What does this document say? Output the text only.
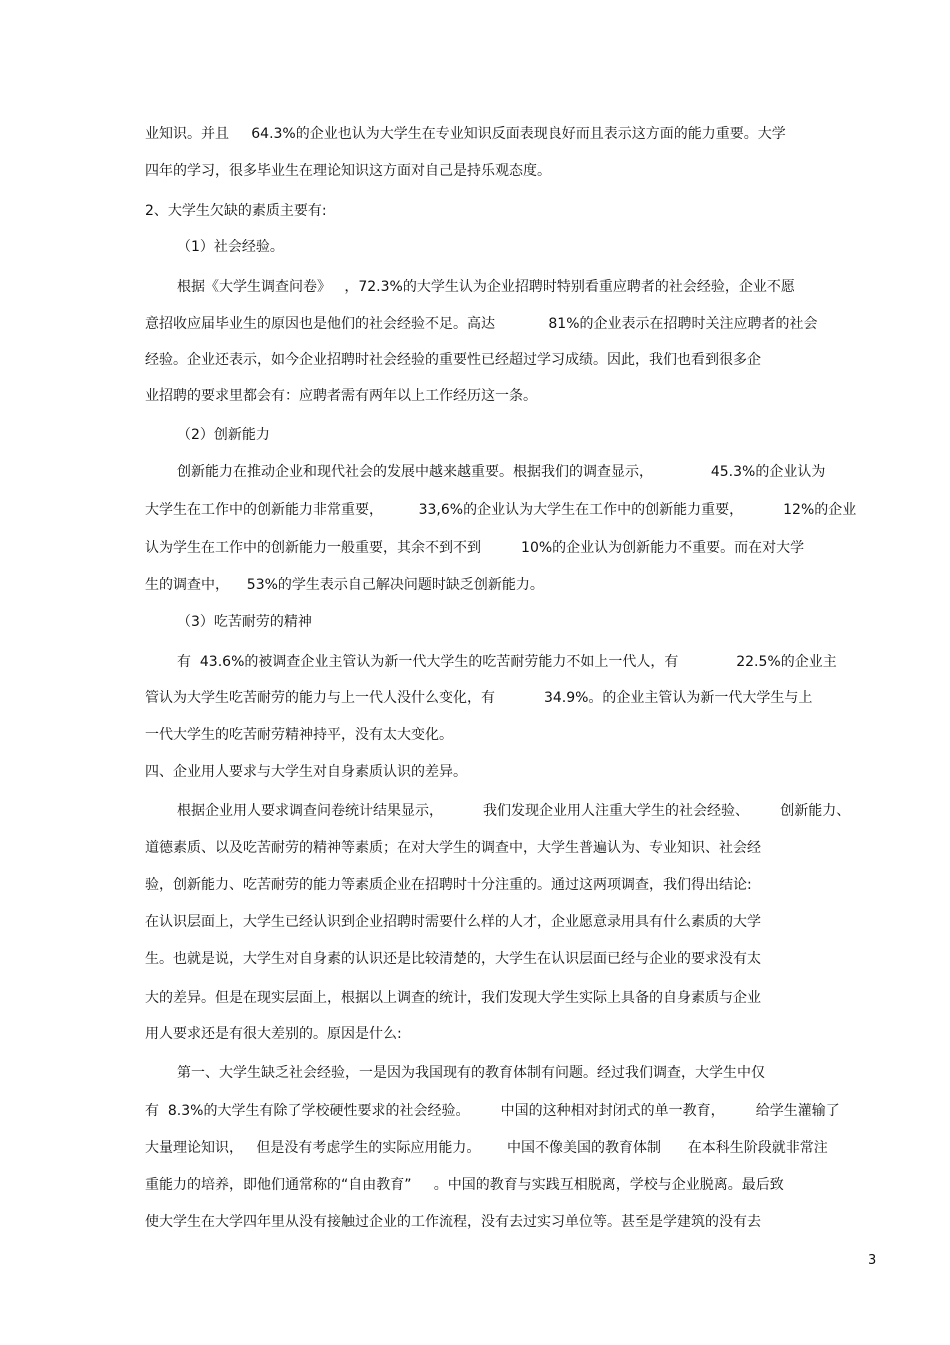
业知识。并且     64.3%的企业也认为大学生在专业知识反面表现良好而且表示这方面的能力重要。大学
四年的学习，很多毕业生在理论知识这方面对自己是持乐观态度。
2、大学生欠缺的素质主要有:
（1）社会经验。
根据《大学生调查问卷》   ，72.3%的大学生认为企业招聘时特别看重应聘者的社会经验，企业不愿
意招收应届毕业生的原因也是他们的社会经验不足。高达            81%的企业表示在招聘时关注应聘者的社会
经验。企业还表示，如今企业招聘时社会经验的重要性已经超过学习成绩。因此，我们也看到很多企
业招聘的要求里都会有：应聘者需有两年以上工作经历这一条。
（2）创新能力
创新能力在推动企业和现代社会的发展中越来越重要。根据我们的调查显示，             45.3%的企业认为
大学生在工作中的创新能力非常重要，        33,6%的企业认为大学生在工作中的创新能力重要，         12%的企业
认为学生在工作中的创新能力一般重要，其余不到不到         10%的企业认为创新能力不重要。而在对大学
生的调查中，    53%的学生表示自己解决问题时缺乏创新能力。
（3）吃苦耐劳的精神
有  43.6%的被调查企业主管认为新一代大学生的吃苦耐劳能力不如上一代人，有             22.5%的企业主
管认为大学生吃苦耐劳的能力与上一代人没什么变化，有           34.9%。的企业主管认为新一代大学生与上
一代大学生的吃苦耐劳精神持平，没有太大变化。
四、企业用人要求与大学生对自身素质认识的差异。
根据企业用人要求调查问卷统计结果显示，         我们发现企业用人注重大学生的社会经验、       创新能力、
道德素质、以及吃苦耐劳的精神等素质；在对大学生的调查中，大学生普遍认为、专业知识、社会经
验，创新能力、吃苦耐劳的能力等素质企业在招聘时十分注重的。通过这两项调查，我们得出结论:
在认识层面上，大学生已经认识到企业招聘时需要什么样的人才，企业愿意录用具有什么素质的大学
生。也就是说，大学生对自身素的认识还是比较清楚的，大学生在认识层面已经与企业的要求没有太
大的差异。但是在现实层面上，根据以上调查的统计，我们发现大学生实际上具备的自身素质与企业
用人要求还是有很大差别的。原因是什么:
第一、大学生缺乏社会经验，一是因为我国现有的教育体制有问题。经过我们调查，大学生中仅
有  8.3%的大学生有除了学校硬性要求的社会经验。       中国的这种相对封闭式的单一教育，       给学生灌输了
大量理论知识，   但是没有考虑学生的实际应用能力。      中国不像美国的教育体制      在本科生阶段就非常注
重能力的培养，即他们通常称的“自由教育”     。中国的教育与实践互相脱离，学校与企业脱离。最后致
使大学生在大学四年里从没有接触过企业的工作流程，没有去过实习单位等。甚至是学建筑的没有去
3
